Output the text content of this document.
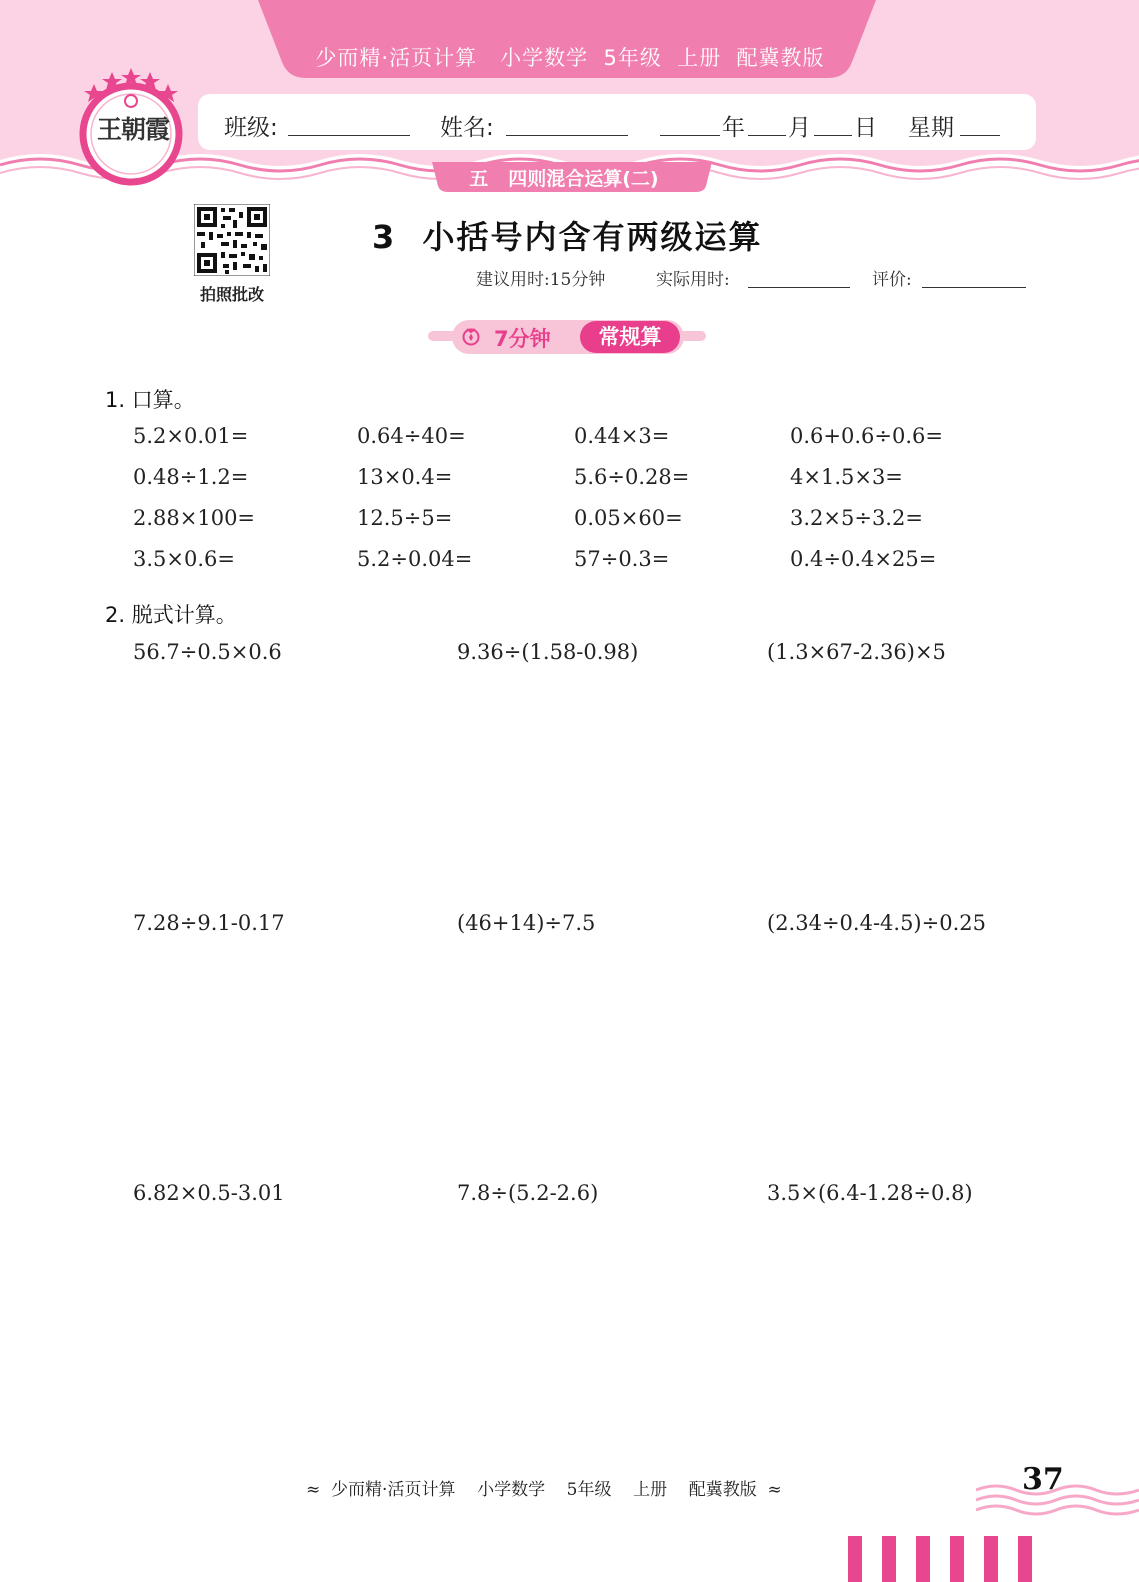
少而精·活页计算   小学数学  5年级  上册  配冀教版
王朝霞 班级:	姓名:	年 月 日 星期
五   四则混合运算(二)
拍照批改
3  小括号内含有两级运算
建议用时:15分钟	实际用时:	评价:
7分钟	常规算
1. 口算。
5.2×0.01=	0.64÷40=	0.44×3=	0.6+0.6÷0.6=
0.48÷1.2=	13×0.4=	5.6÷0.28=	4×1.5×3=
2.88×100=	12.5÷5=	0.05×60=	3.2×5÷3.2=
3.5×0.6=	5.2÷0.04=	57÷0.3=	0.4÷0.4×25=
2. 脱式计算。
56.7÷0.5×0.6	9.36÷(1.58-0.98)	(1.3×67-2.36)×5
7.28÷9.1-0.17	(46+14)÷7.5	(2.34÷0.4-4.5)÷0.25
6.82×0.5-3.01	7.8÷(5.2-2.6)	3.5×(6.4-1.28÷0.8)
≈  少而精·活页计算    小学数学    5年级    上册    配冀教版  ≈	37
